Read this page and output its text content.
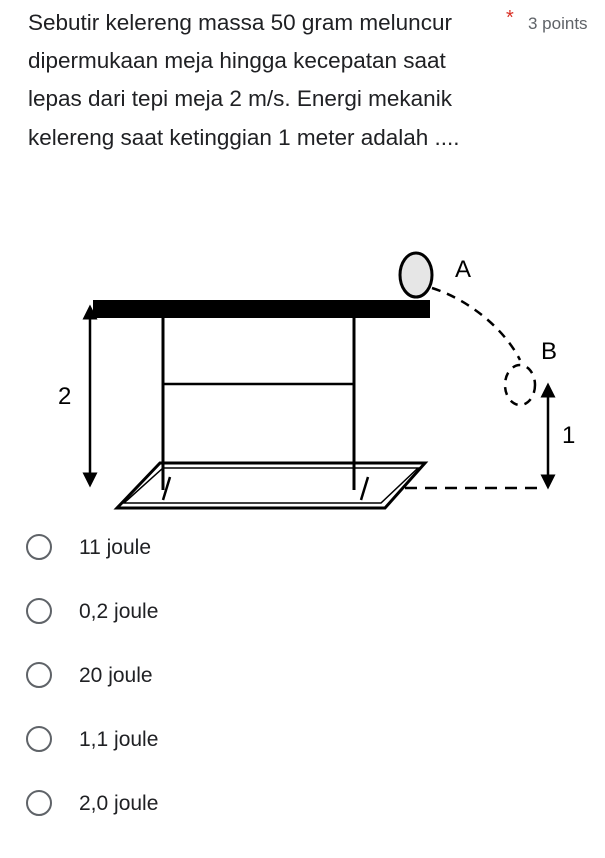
Sebutir kelereng massa 50 gram meluncur dipermukaan meja hingga kecepatan saat lepas dari tepi meja 2 m/s. Energi mekanik kelereng saat ketinggian 1 meter adalah ....
* 3 points
2
A
B
1
11 joule
0,2 joule
20 joule
1,1 joule
2,0 joule
